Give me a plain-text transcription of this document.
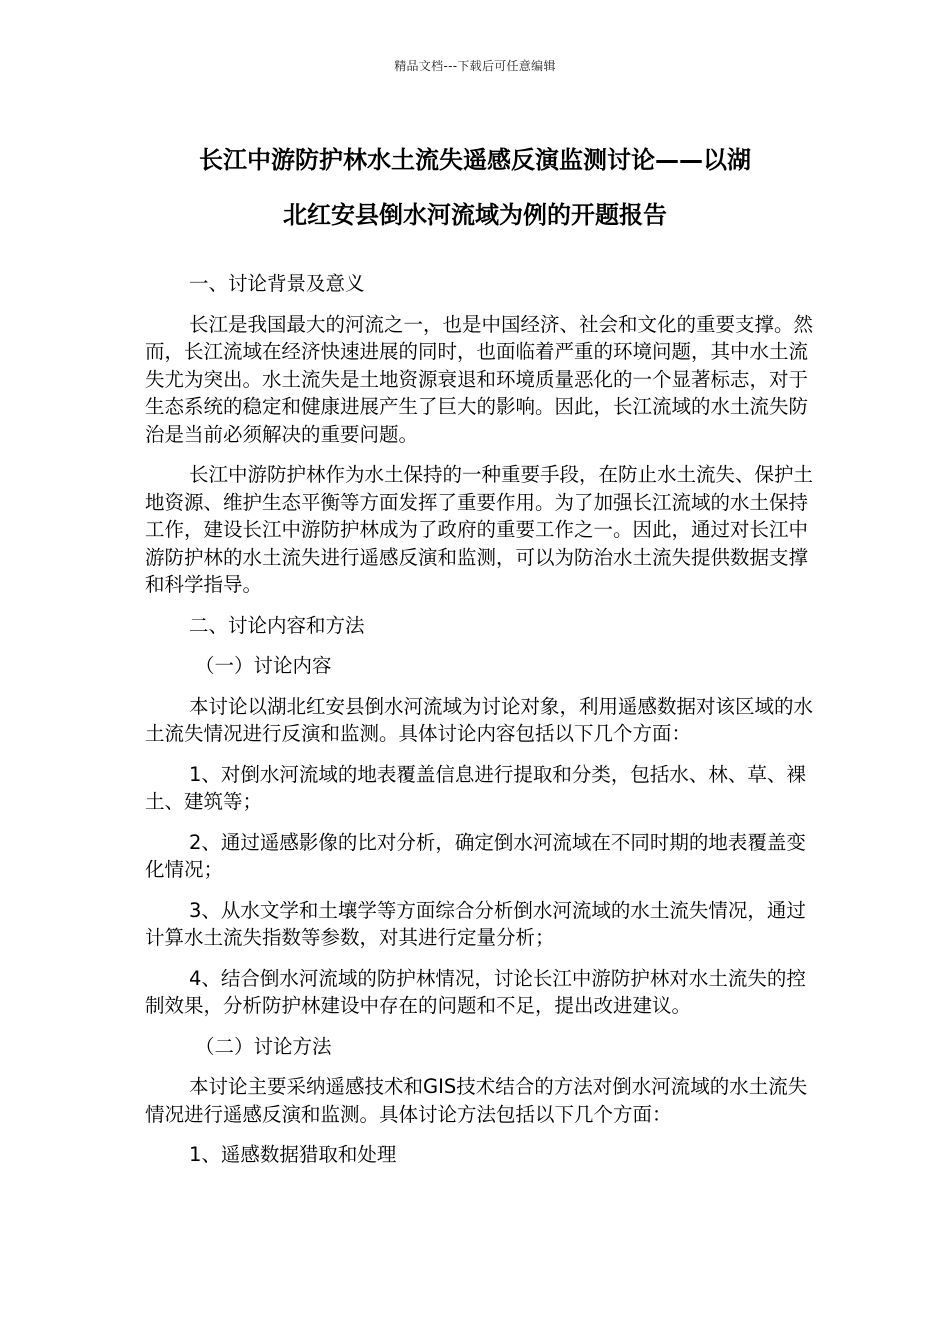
精品文档---下载后可任意编辑
长江中游防护林水土流失遥感反演监测讨论——以湖
北红安县倒水河流域为例的开题报告

一、讨论背景及意义

长江是我国最大的河流之一，也是中国经济、社会和文化的重要支撑。然而，长江流域在经济快速进展的同时，也面临着严重的环境问题，其中水土流失尤为突出。水土流失是土地资源衰退和环境质量恶化的一个显著标志，对于生态系统的稳定和健康进展产生了巨大的影响。因此，长江流域的水土流失防治是当前必须解决的重要问题。

长江中游防护林作为水土保持的一种重要手段，在防止水土流失、保护土地资源、维护生态平衡等方面发挥了重要作用。为了加强长江流域的水土保持工作，建设长江中游防护林成为了政府的重要工作之一。因此，通过对长江中游防护林的水土流失进行遥感反演和监测，可以为防治水土流失提供数据支撑和科学指导。

二、讨论内容和方法

（一）讨论内容

本讨论以湖北红安县倒水河流域为讨论对象，利用遥感数据对该区域的水土流失情况进行反演和监测。具体讨论内容包括以下几个方面：

1、对倒水河流域的地表覆盖信息进行提取和分类，包括水、林、草、裸土、建筑等；

2、通过遥感影像的比对分析，确定倒水河流域在不同时期的地表覆盖变化情况；

3、从水文学和土壤学等方面综合分析倒水河流域的水土流失情况，通过计算水土流失指数等参数，对其进行定量分析；

4、结合倒水河流域的防护林情况，讨论长江中游防护林对水土流失的控制效果，分析防护林建设中存在的问题和不足，提出改进建议。

（二）讨论方法

本讨论主要采纳遥感技术和GIS技术结合的方法对倒水河流域的水土流失情况进行遥感反演和监测。具体讨论方法包括以下几个方面：

1、遥感数据猎取和处理
